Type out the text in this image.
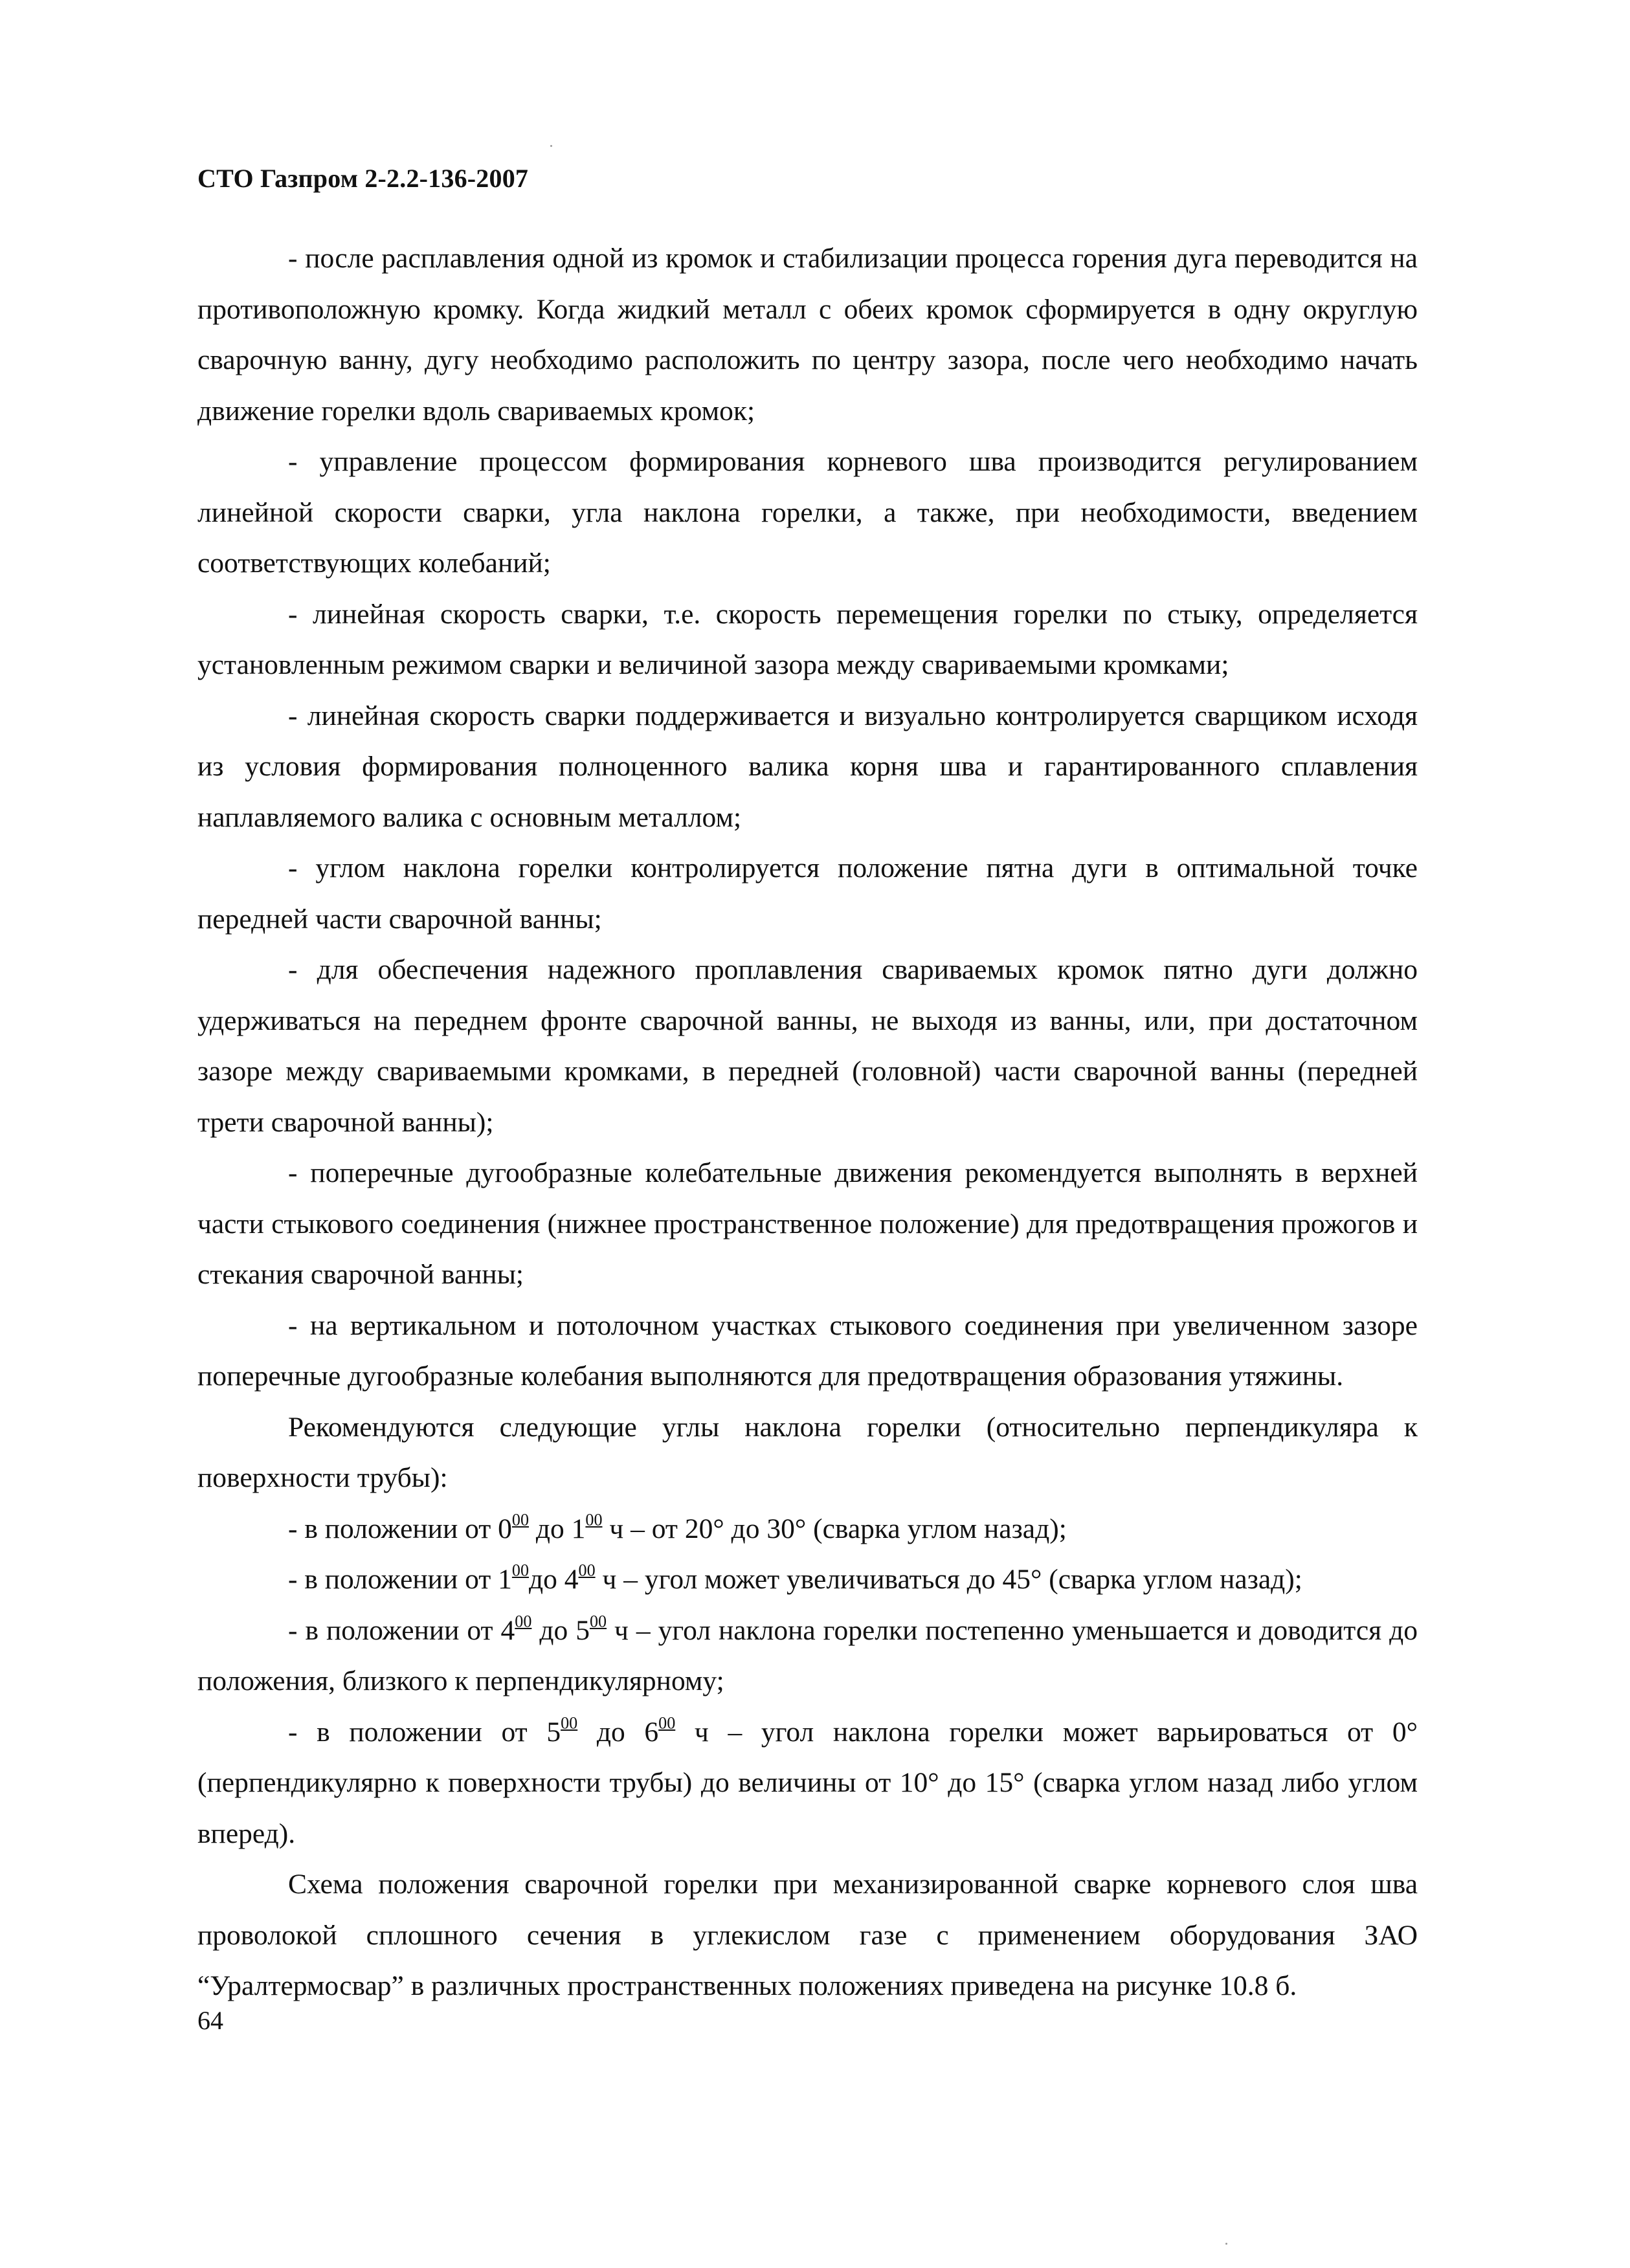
СТО Газпром 2-2.2-136-2007

- после расплавления одной из кромок и стабилизации процесса горения дуга переводится на противоположную кромку. Когда жидкий металл с обеих кромок сформируется в одну округлую сварочную ванну, дугу необходимо расположить по центру зазора, после чего необходимо начать движение горелки вдоль свариваемых кромок;

- управление процессом формирования корневого шва производится регулированием линейной скорости сварки, угла наклона горелки, а также, при необходимости, введением соответствующих колебаний;

- линейная скорость сварки, т.е. скорость перемещения горелки по стыку, определяется установленным режимом сварки и величиной зазора между свариваемыми кромками;

- линейная скорость сварки поддерживается и визуально контролируется сварщиком исходя из условия формирования полноценного валика корня шва и гарантированного сплавления наплавляемого валика с основным металлом;

- углом наклона горелки контролируется положение пятна дуги в оптимальной точке передней части сварочной ванны;

- для обеспечения надежного проплавления свариваемых кромок пятно дуги должно удерживаться на переднем фронте сварочной ванны, не выходя из ванны, или, при достаточном зазоре между свариваемыми кромками, в передней (головной) части сварочной ванны (передней трети сварочной ванны);

- поперечные дугообразные колебательные движения рекомендуется выполнять в верхней части стыкового соединения (нижнее пространственное положение) для предотвращения прожогов и стекания сварочной ванны;

- на вертикальном и потолочном участках стыкового соединения при увеличенном зазоре поперечные дугообразные колебания выполняются для предотвращения образования утяжины.

Рекомендуются следующие углы наклона горелки (относительно перпендикуляра к поверхности трубы):

- в положении от $0^{00}$ до $1^{00}$ ч – от 20° до 30° (сварка углом назад);

- в положении от $1^{00}до$ $4^{00}$ ч – угол может увеличиваться до 45° (сварка углом назад);

- в положении от $4^{00}$ до $5^{00}$ ч – угол наклона горелки постепенно уменьшается и доводится до положения, близкого к перпендикулярному;

- в положении от $5^{00}$ до $6^{00}$ ч – угол наклона горелки может варьироваться от 0° (перпендикулярно к поверхности трубы) до величины от 10° до 15° (сварка углом назад либо углом вперед).

Схема положения сварочной горелки при механизированной сварке корневого слоя шва проволокой сплошного сечения в углекислом газе с применением оборудования ЗАО “Уралтермосвар” в различных пространственных положениях приведена на рисунке 10.8 б.

64
